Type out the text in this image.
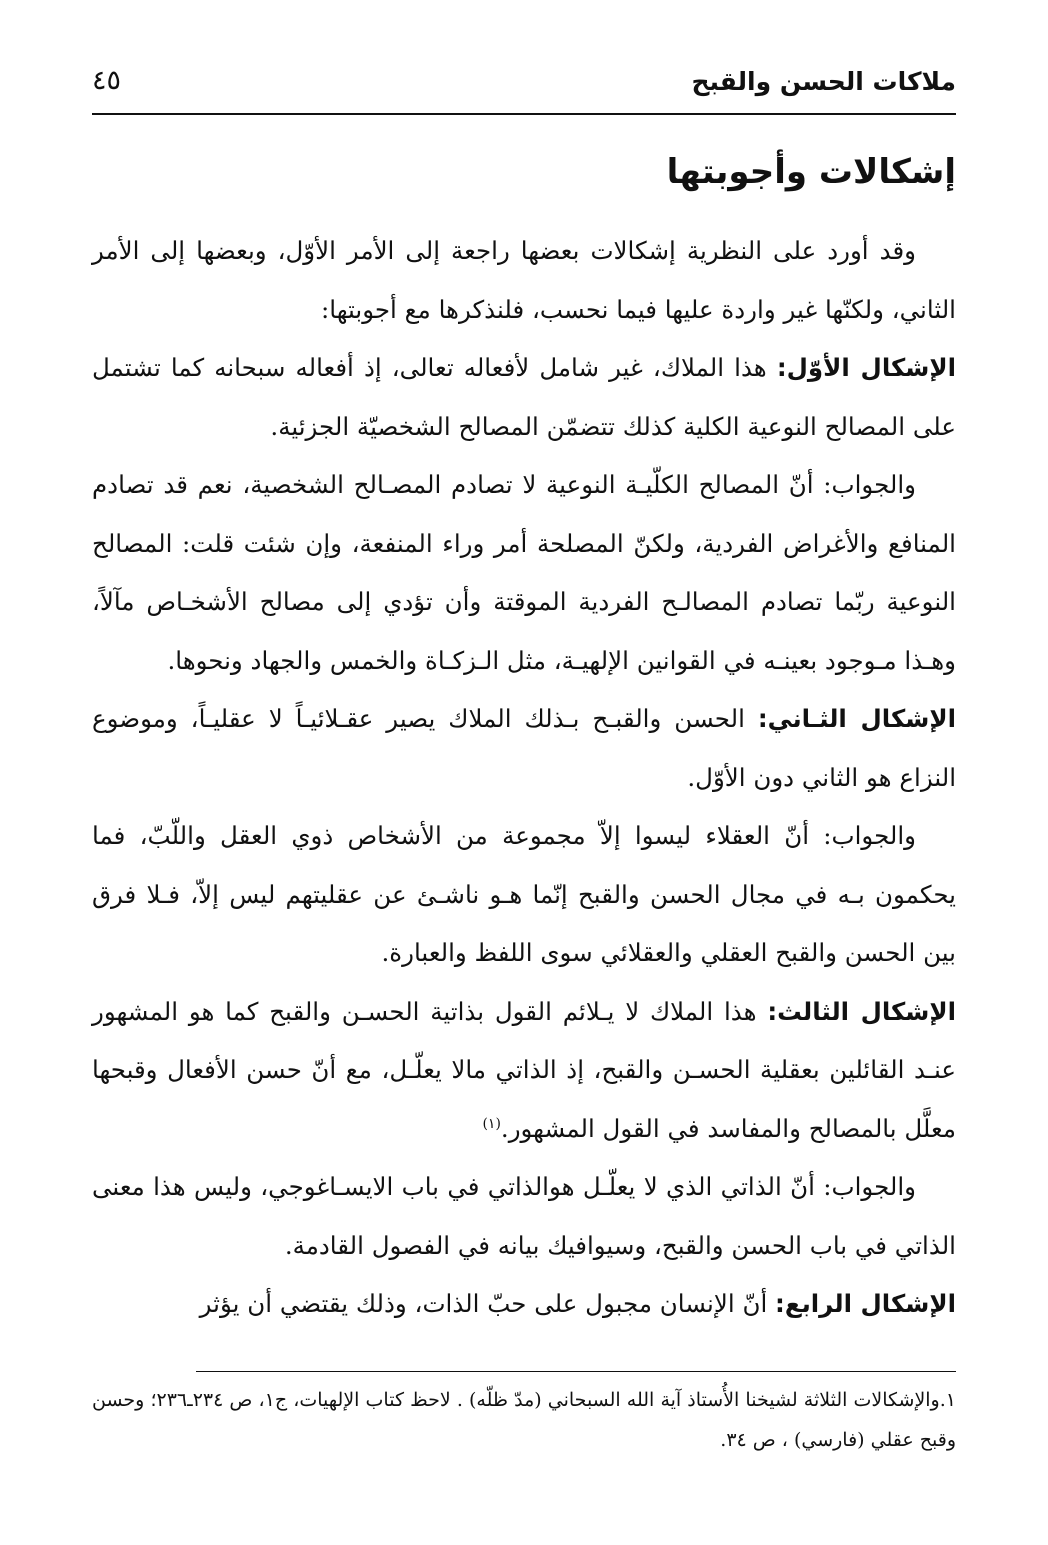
ملاكات الحسن والقبح
٤٥
إشكالات وأجوبتها

وقد أورد على النظرية إشكالات بعضها راجعة إلى الأمر الأوّل، وبعضها إلى الأمر الثاني، ولكنّها غير واردة عليها فيما نحسب، فلنذكرها مع أجوبتها:

الإشكال الأوّل: هذا الملاك، غير شامل لأفعاله تعالى، إذ أفعاله سبحانه كما تشتمل على المصالح النوعية الكلية كذلك تتضمّن المصالح الشخصيّة الجزئية.

والجواب: أنّ المصالح الكلّيـة النوعية لا تصادم المصـالح الشخصية، نعم قد تصادم المنافع والأغراض الفردية، ولكنّ المصلحة أمر وراء المنفعة، وإن شئت قلت: المصالح النوعية ربّما تصادم المصالـح الفردية الموقتة وأن تؤدي إلى مصالح الأشخـاص مآلاً، وهـذا مـوجود بعينـه في القوانين الإلهيـة، مثل الـزكـاة والخمس والجهاد ونحوها.

الإشكال الثـاني: الحسن والقبـح بـذلك الملاك يصير عقـلائيـاً لا عقليـاً، وموضوع النزاع هو الثاني دون الأوّل.

والجواب: أنّ العقلاء ليسوا إلاّ مجموعة من الأشخاص ذوي العقل واللّبّ، فما يحكمون بـه في مجال الحسن والقبح إنّما هـو ناشـئ عن عقليتهم ليس إلاّ، فـلا فرق بين الحسن والقبح العقلي والعقلائي سوى اللفظ والعبارة.

الإشكال الثالث: هذا الملاك لا يـلائم القول بذاتية الحسـن والقبح كما هو المشهور عنـد القائلين بعقلية الحسـن والقبح، إذ الذاتي مالا يعلّـل، مع أنّ حسن الأفعال وقبحها معلَّل بالمصالح والمفاسد في القول المشهور.$^{(١)}$

والجواب: أنّ الذاتي الذي لا يعلّـل هوالذاتي في باب الايسـاغوجي، وليس هذا معنى الذاتي في باب الحسن والقبح، وسيوافيك بيانه في الفصول القادمة.

الإشكال الرابع: أنّ الإنسان مجبول على حبّ الذات، وذلك يقتضي أن يؤثر

١.والإشكالات الثلاثة لشيخنا الأُستاذ آية الله السبحاني (مدّ ظلّه) . لاحظ كتاب الإلهيات، ج١، ص ٢٣٤ـ٢٣٦؛ وحسن وقبح عقلي (فارسي) ، ص ٣٤.
